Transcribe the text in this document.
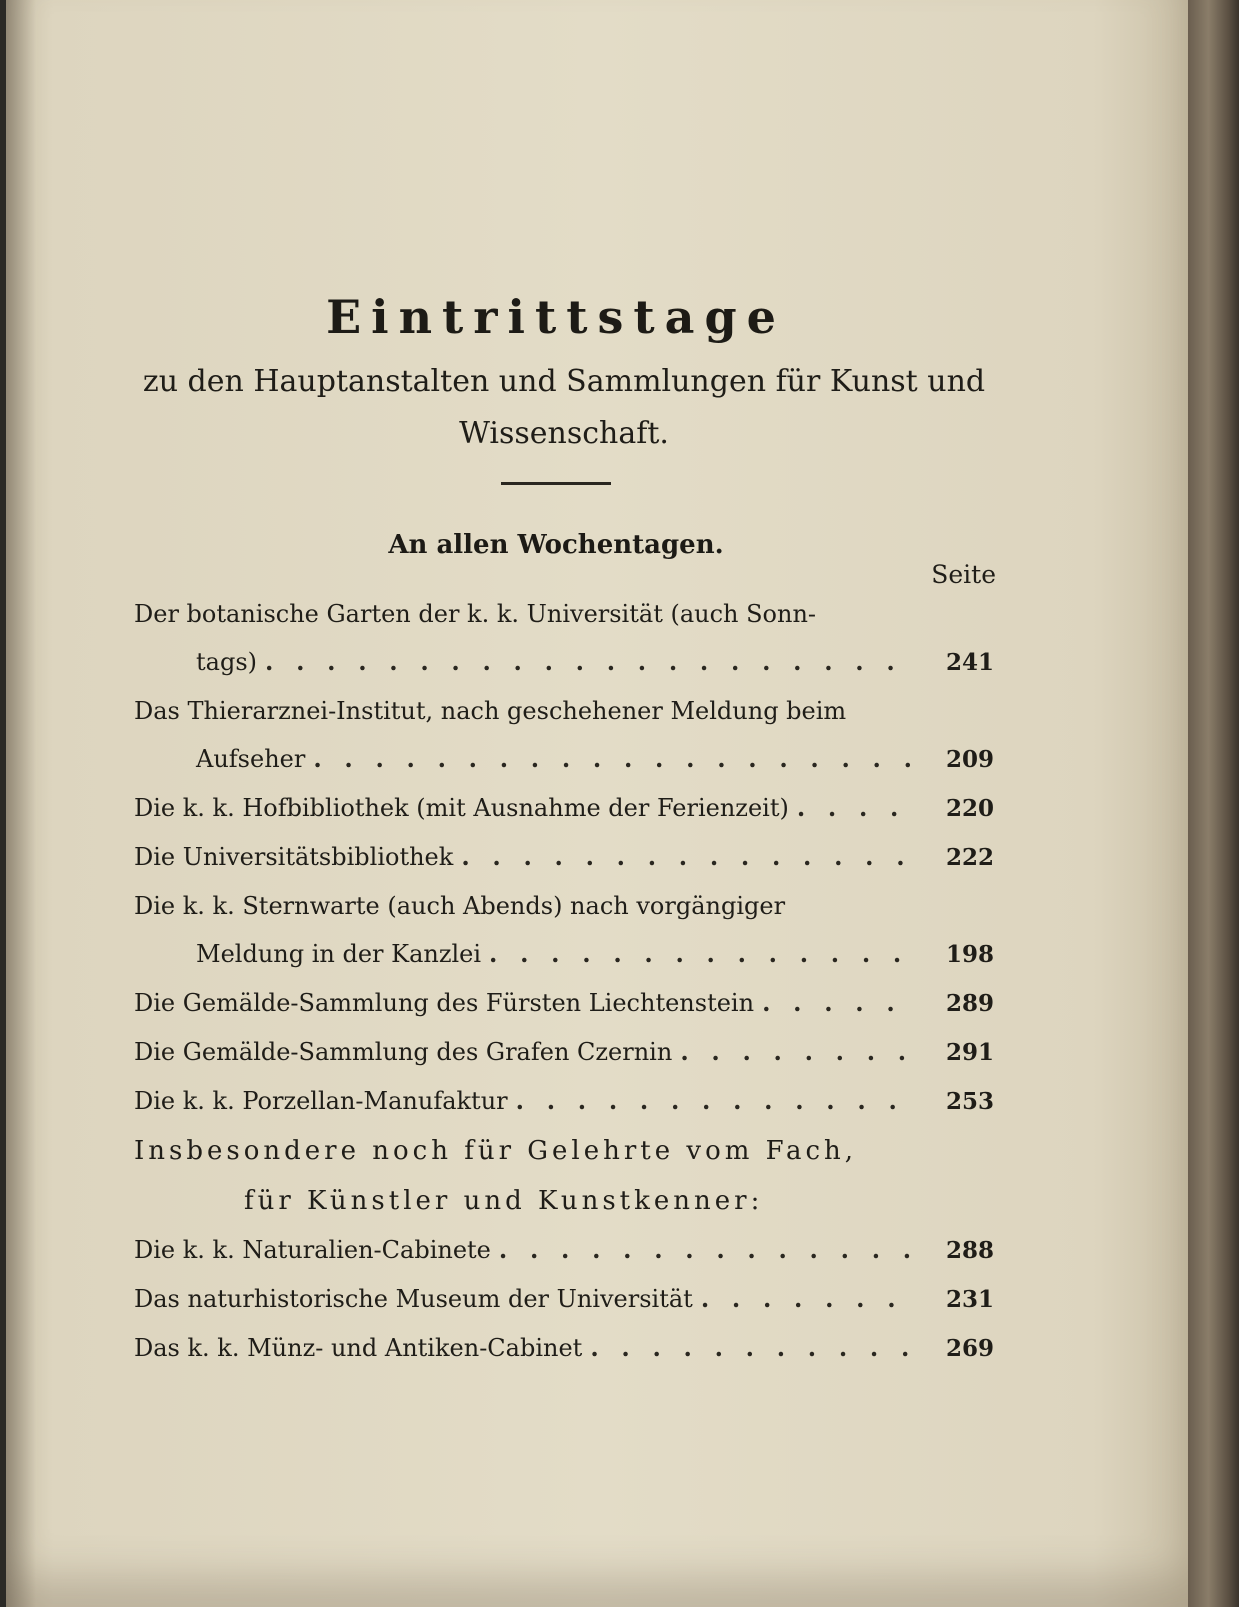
Eintrittstage
zu den Hauptanstalten und Sammlungen für Kunst und Wissenschaft.
An allen Wochentagen.
Seite
Der botanische Garten der k. k. Universität (auch Sonn-
tags) . .	241
Das Thierarznei-Institut, nach geschehener Meldung beim
Aufseher . .	209
Die k. k. Hofbibliothek (mit Ausnahme der Ferienzeit) . .	220
Die Universitätsbibliothek . .	222
Die k. k. Sternwarte (auch Abends) nach vorgängiger
Meldung in der Kanzlei . .	198
Die Gemälde-Sammlung des Fürsten Liechtenstein . .	289
Die Gemälde-Sammlung des Grafen Czernin . .	291
Die k. k. Porzellan-Manufaktur . .	253
Insbesondere noch für Gelehrte vom Fach,
für Künstler und Kunstkenner:
Die k. k. Naturalien-Cabinete . .	288
Das naturhistorische Museum der Universität . .	231
Das k. k. Münz- und Antiken-Cabinet . .	269
